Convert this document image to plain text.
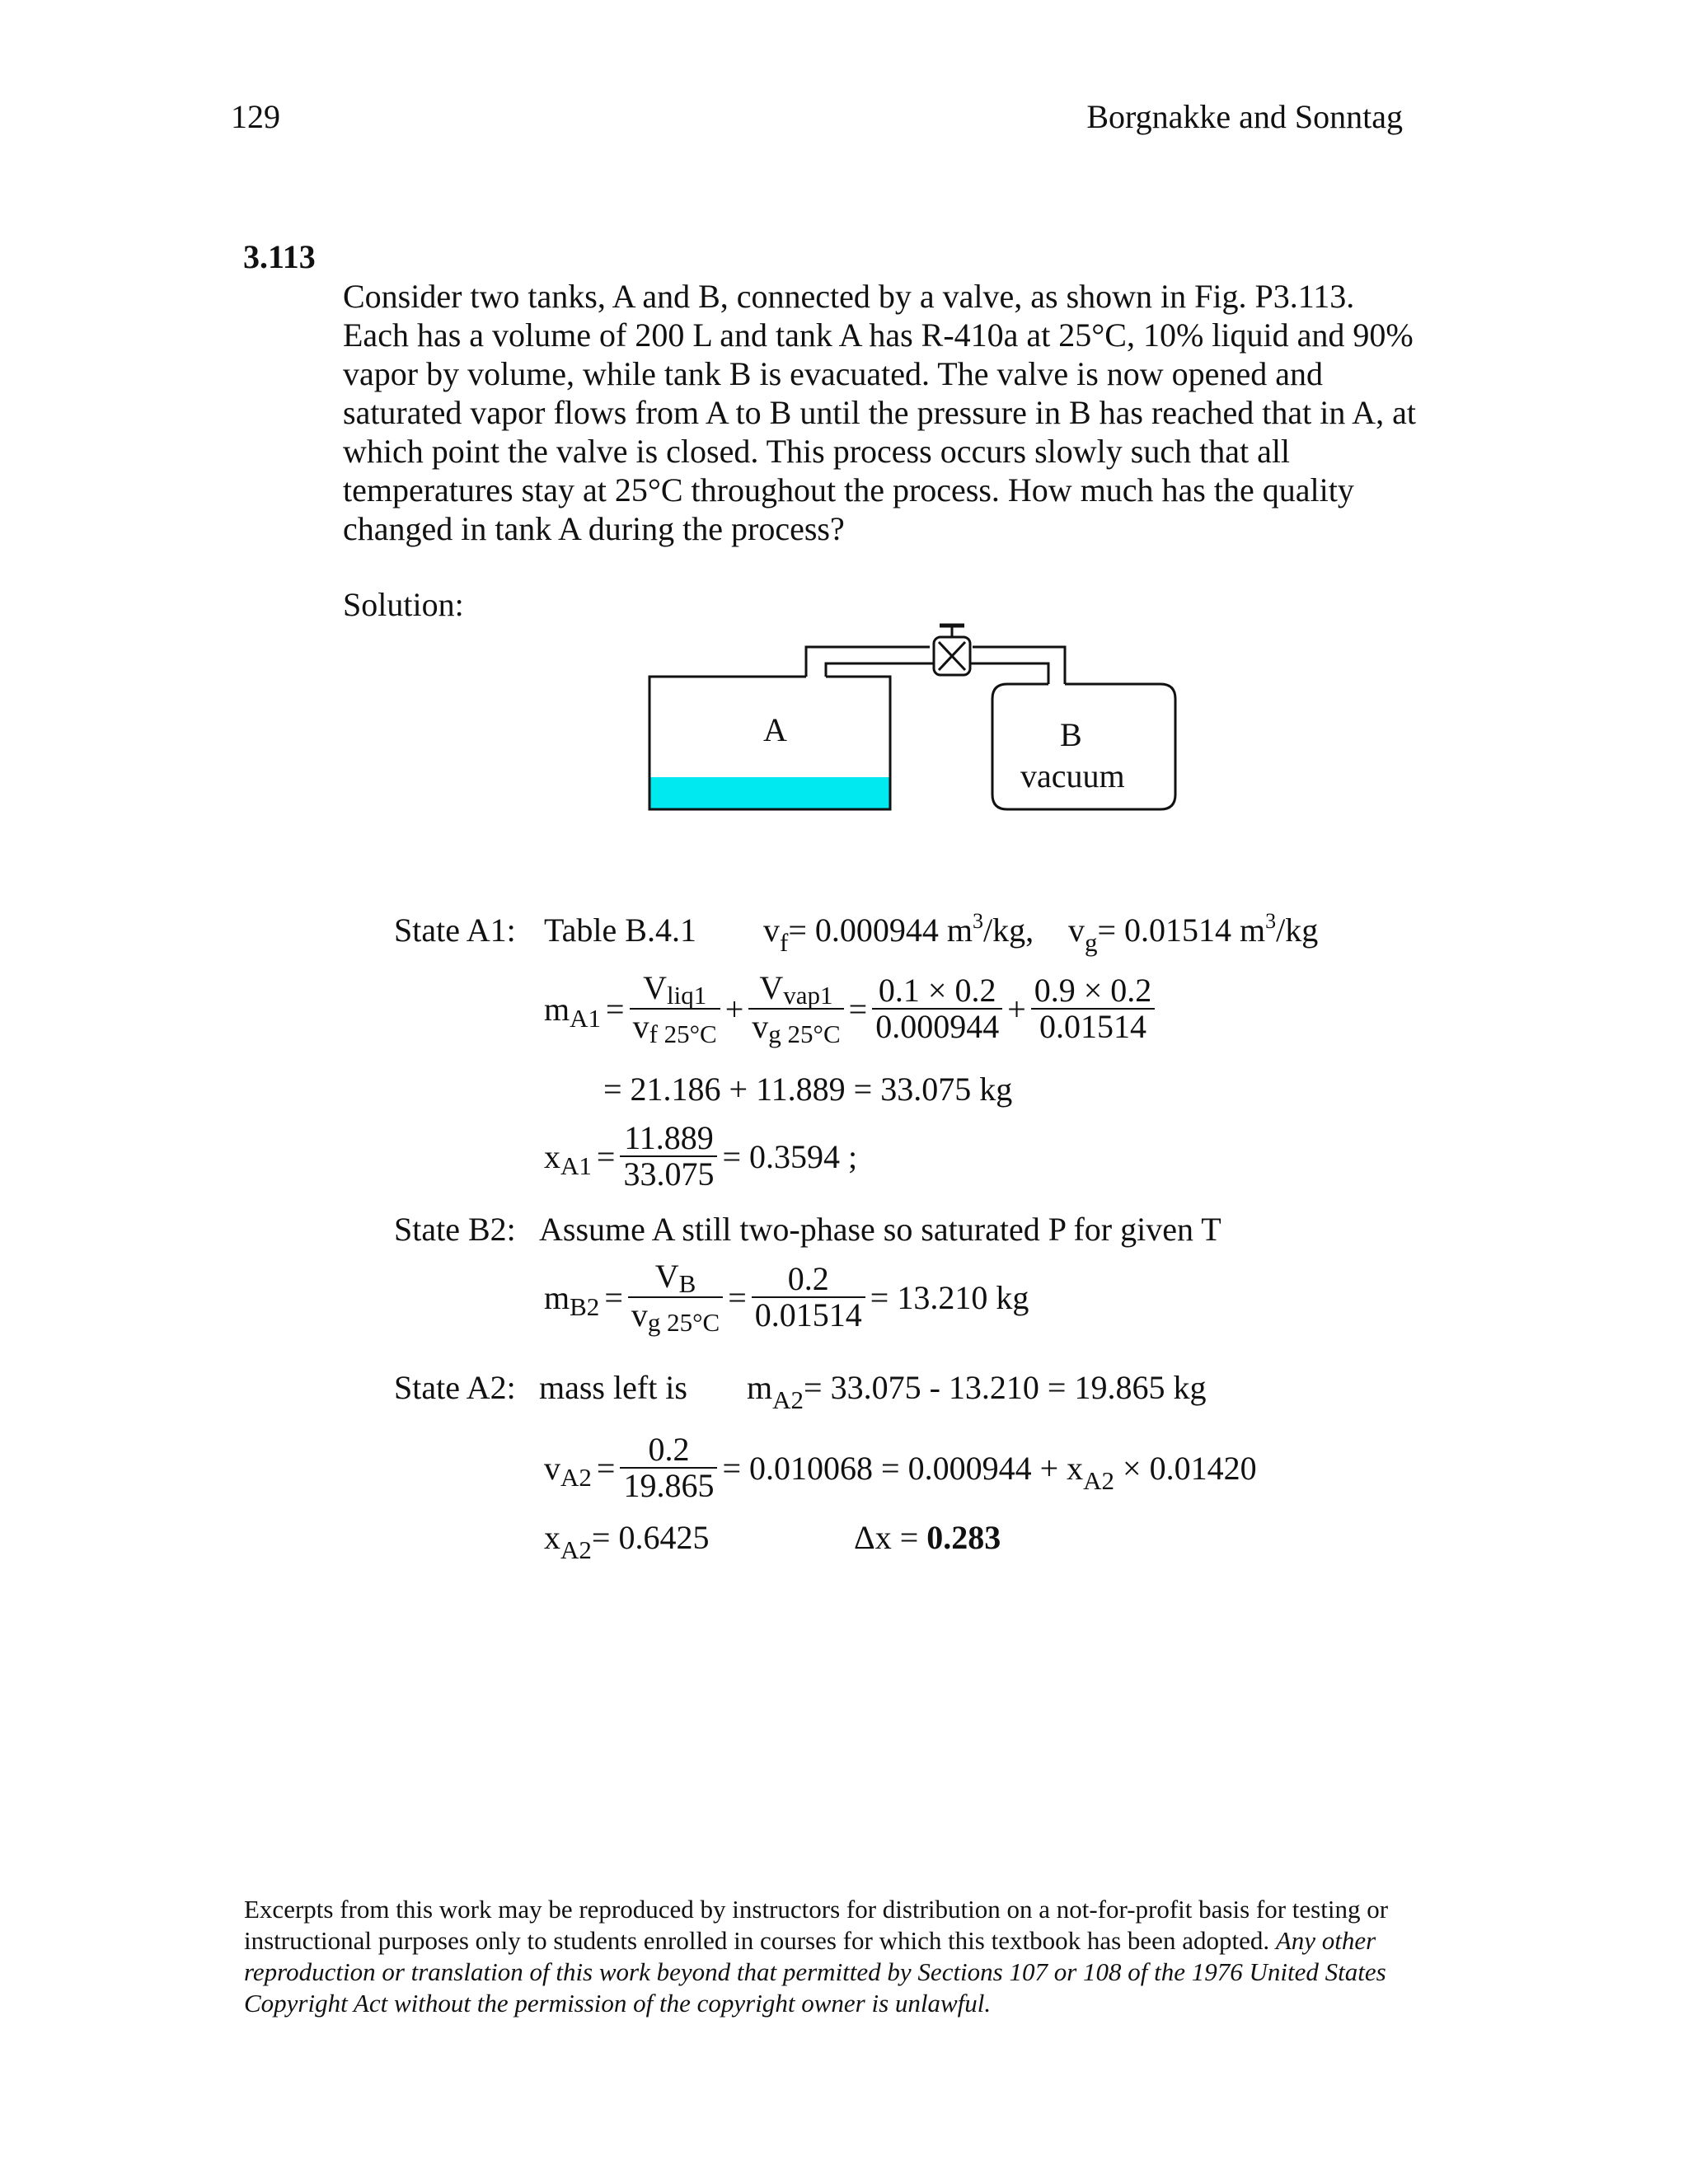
129	Borgnakke and Sonntag
3.113
Consider two tanks, A and B, connected by a valve, as shown in Fig. P3.113.
Each has a volume of 200 L and tank A has R-410a at 25°C, 10% liquid and 90%
vapor by volume, while tank B is evacuated. The valve is now opened and
saturated vapor flows from A to B until the pressure in B has reached that in A, at
which point the valve is closed. This process occurs slowly such that all
temperatures stay at 25°C throughout the process. How much has the quality
changed in tank A during the process?
Solution:
A	B
vacuum
State A1: Table B.4.1 $v_f= 0.000944$ $m^3/kg$, $v_g= 0.01514$ $m^3/kg$
m $A1 = \frac{\text{Vliq1}}{vf 25^\circ C} + \frac{\text{Vvap1}}{vg 25^\circ C} = \frac{0.1 \times 0.2}{0.000944} + \frac{0.9 \times 0.2}{0.01514}$
= 21.186 + 11.889 = 33.075 kg
x $A1 = \frac{11.889}{33.075} = 0.3594$ ;
State B2: Assume A still two-phase so saturated P for given T
m $B2 = \frac{VB}{vg 25^\circ C} = \frac{0.2}{0.01514} = 13.210$ kg
State A2: mass left is $m_{A2}= 33.075 - 13.210 = 19.865$ kg
v $A2 = \frac{0.2}{19.865} = 0.010068 = 0.000944 + x_{A2} \times 0.01420$
$x_{A2}= 0.6425$	Δx = 0.283
Excerpts from this work may be reproduced by instructors for distribution on a not-for-profit basis for testing or instructional purposes only to students enrolled in courses for which this textbook has been adopted. Any other reproduction or translation of this work beyond that permitted by Sections 107 or 108 of the 1976 United States Copyright Act without the permission of the copyright owner is unlawful.
